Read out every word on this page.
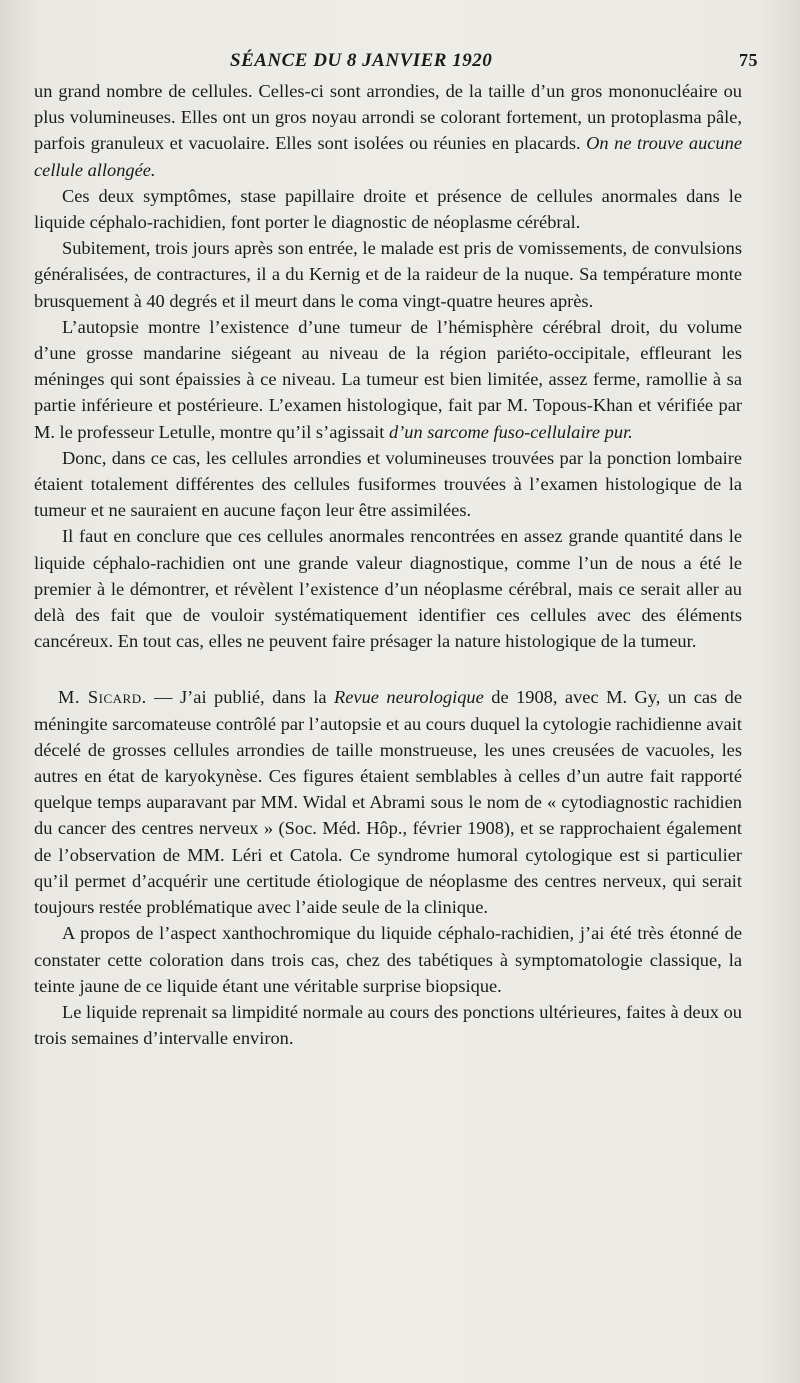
SÉANCE DU 8 JANVIER 1920	75

un grand nombre de cellules. Celles-ci sont arrondies, de la taille d’un gros mononucléaire ou plus volumineuses. Elles ont un gros noyau arrondi se colorant fortement, un protoplasma pâle, parfois granuleux et vacuolaire. Elles sont isolées ou réunies en placards. On ne trouve aucune cellule allongée.

Ces deux symptômes, stase papillaire droite et présence de cellules anormales dans le liquide céphalo-rachidien, font porter le diagnostic de néoplasme cérébral.

Subitement, trois jours après son entrée, le malade est pris de vomissements, de convulsions généralisées, de contractures, il a du Kernig et de la raideur de la nuque. Sa température monte brusquement à 40 degrés et il meurt dans le coma vingt-quatre heures après.

L’autopsie montre l’existence d’une tumeur de l’hémisphère cérébral droit, du volume d’une grosse mandarine siégeant au niveau de la région pariéto-occipitale, effleurant les méninges qui sont épaissies à ce niveau. La tumeur est bien limitée, assez ferme, ramollie à sa partie inférieure et postérieure. L’examen histologique, fait par M. Topous-Khan et vérifiée par M. le professeur Letulle, montre qu’il s’agissait d’un sarcome fuso-cellulaire pur.

Donc, dans ce cas, les cellules arrondies et volumineuses trouvées par la ponction lombaire étaient totalement différentes des cellules fusiformes trouvées à l’examen histologique de la tumeur et ne sauraient en aucune façon leur être assimilées.

Il faut en conclure que ces cellules anormales rencontrées en assez grande quantité dans le liquide céphalo-rachidien ont une grande valeur diagnostique, comme l’un de nous a été le premier à le démontrer, et révèlent l’existence d’un néoplasme cérébral, mais ce serait aller au delà des fait que de vouloir systématiquement identifier ces cellules avec des éléments cancéreux. En tout cas, elles ne peuvent faire présager la nature histologique de la tumeur.

M. Sicard. — J’ai publié, dans la Revue neurologique de 1908, avec M. Gy, un cas de méningite sarcomateuse contrôlé par l’autopsie et au cours duquel la cytologie rachidienne avait décelé de grosses cellules arrondies de taille monstrueuse, les unes creusées de vacuoles, les autres en état de karyokynèse. Ces figures étaient semblables à celles d’un autre fait rapporté quelque temps auparavant par MM. Widal et Abrami sous le nom de « cytodiagnostic rachidien du cancer des centres nerveux » (Soc. Méd. Hôp., février 1908), et se rapprochaient également de l’observation de MM. Léri et Catola. Ce syndrome humoral cytologique est si particulier qu’il permet d’acquérir une certitude étiologique de néoplasme des centres nerveux, qui serait toujours restée problématique avec l’aide seule de la clinique.

A propos de l’aspect xanthochromique du liquide céphalo-rachidien, j’ai été très étonné de constater cette coloration dans trois cas, chez des tabétiques à symptomatologie classique, la teinte jaune de ce liquide étant une véritable surprise biopsique.

Le liquide reprenait sa limpidité normale au cours des ponctions ultérieures, faites à deux ou trois semaines d’intervalle environ.
